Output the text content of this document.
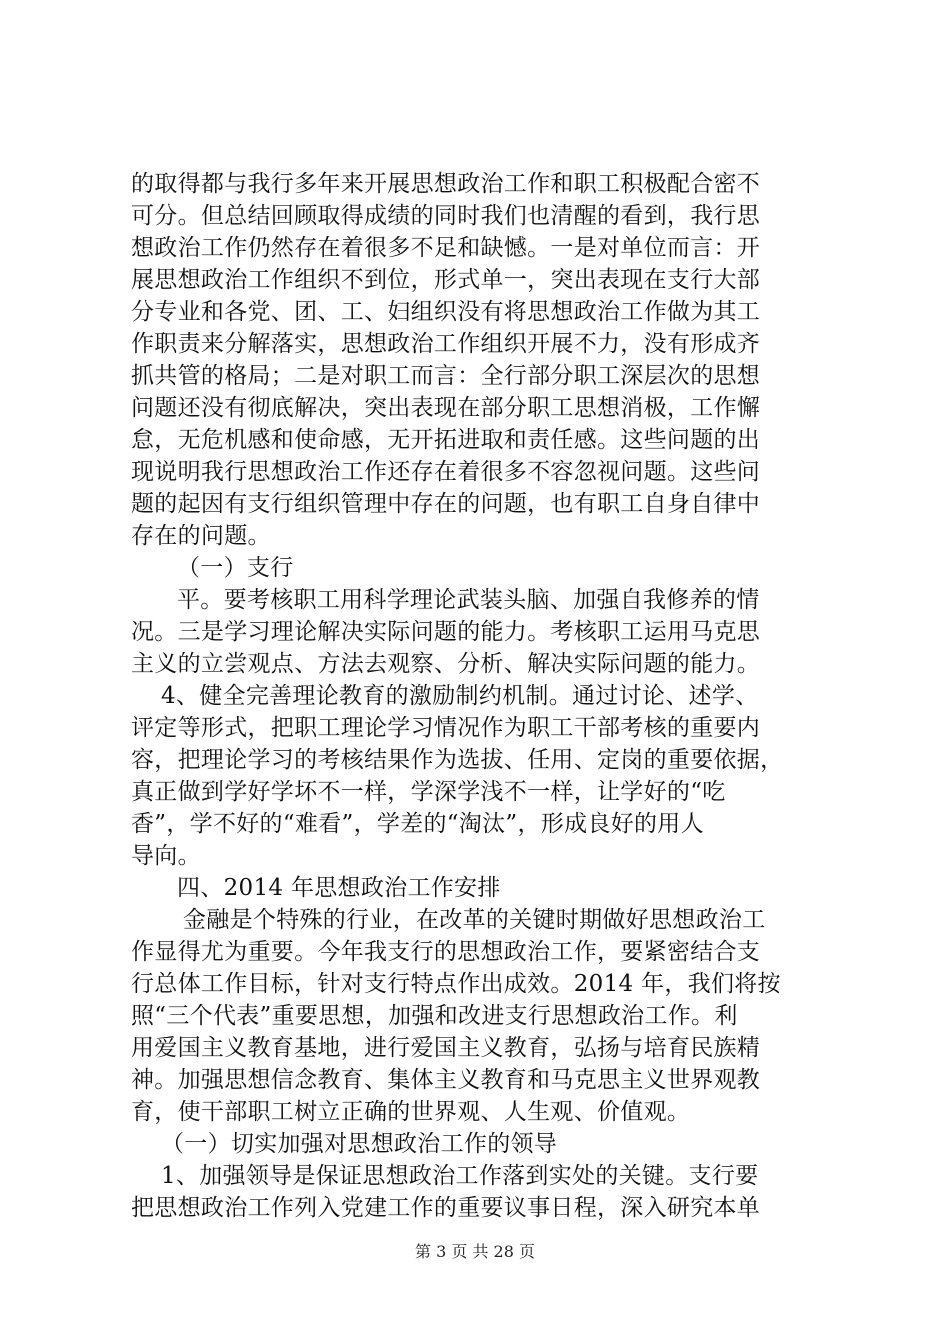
的取得都与我行多年来开展思想政治工作和职工积极配合密不
可分。但总结回顾取得成绩的同时我们也清醒的看到，我行思
想政治工作仍然存在着很多不足和缺憾。一是对单位而言：开
展思想政治工作组织不到位，形式单一，突出表现在支行大部
分专业和各党、团、工、妇组织没有将思想政治工作做为其工
作职责来分解落实，思想政治工作组织开展不力，没有形成齐
抓共管的格局；二是对职工而言：全行部分职工深层次的思想
问题还没有彻底解决，突出表现在部分职工思想消极，工作懈
怠，无危机感和使命感，无开拓进取和责任感。这些问题的出
现说明我行思想政治工作还存在着很多不容忽视问题。这些问
题的起因有支行组织管理中存在的问题，也有职工自身自律中
存在的问题。
（一）支行
平。要考核职工用科学理论武装头脑、加强自我修养的情
况。三是学习理论解决实际问题的能力。考核职工运用马克思
主义的立尝观点、方法去观察、分析、解决实际问题的能力。
4、健全完善理论教育的激励制约机制。通过讨论、述学、
评定等形式，把职工理论学习情况作为职工干部考核的重要内
容，把理论学习的考核结果作为选拔、任用、定岗的重要依据，
真正做到学好学坏不一样，学深学浅不一样，让学好的“吃
香”，学不好的“难看”，学差的“淘汰”，形成良好的用人
导向。
四、2014 年思想政治工作安排
金融是个特殊的行业，在改革的关键时期做好思想政治工
作显得尤为重要。今年我支行的思想政治工作，要紧密结合支
行总体工作目标，针对支行特点作出成效。2014 年，我们将按
照“三个代表”重要思想，加强和改进支行思想政治工作。利
用爱国主义教育基地，进行爱国主义教育，弘扬与培育民族精
神。加强思想信念教育、集体主义教育和马克思主义世界观教
育，使干部职工树立正确的世界观、人生观、价值观。
（一）切实加强对思想政治工作的领导
1、加强领导是保证思想政治工作落到实处的关键。支行要
把思想政治工作列入党建工作的重要议事日程，深入研究本单
第 3 页 共 28 页
